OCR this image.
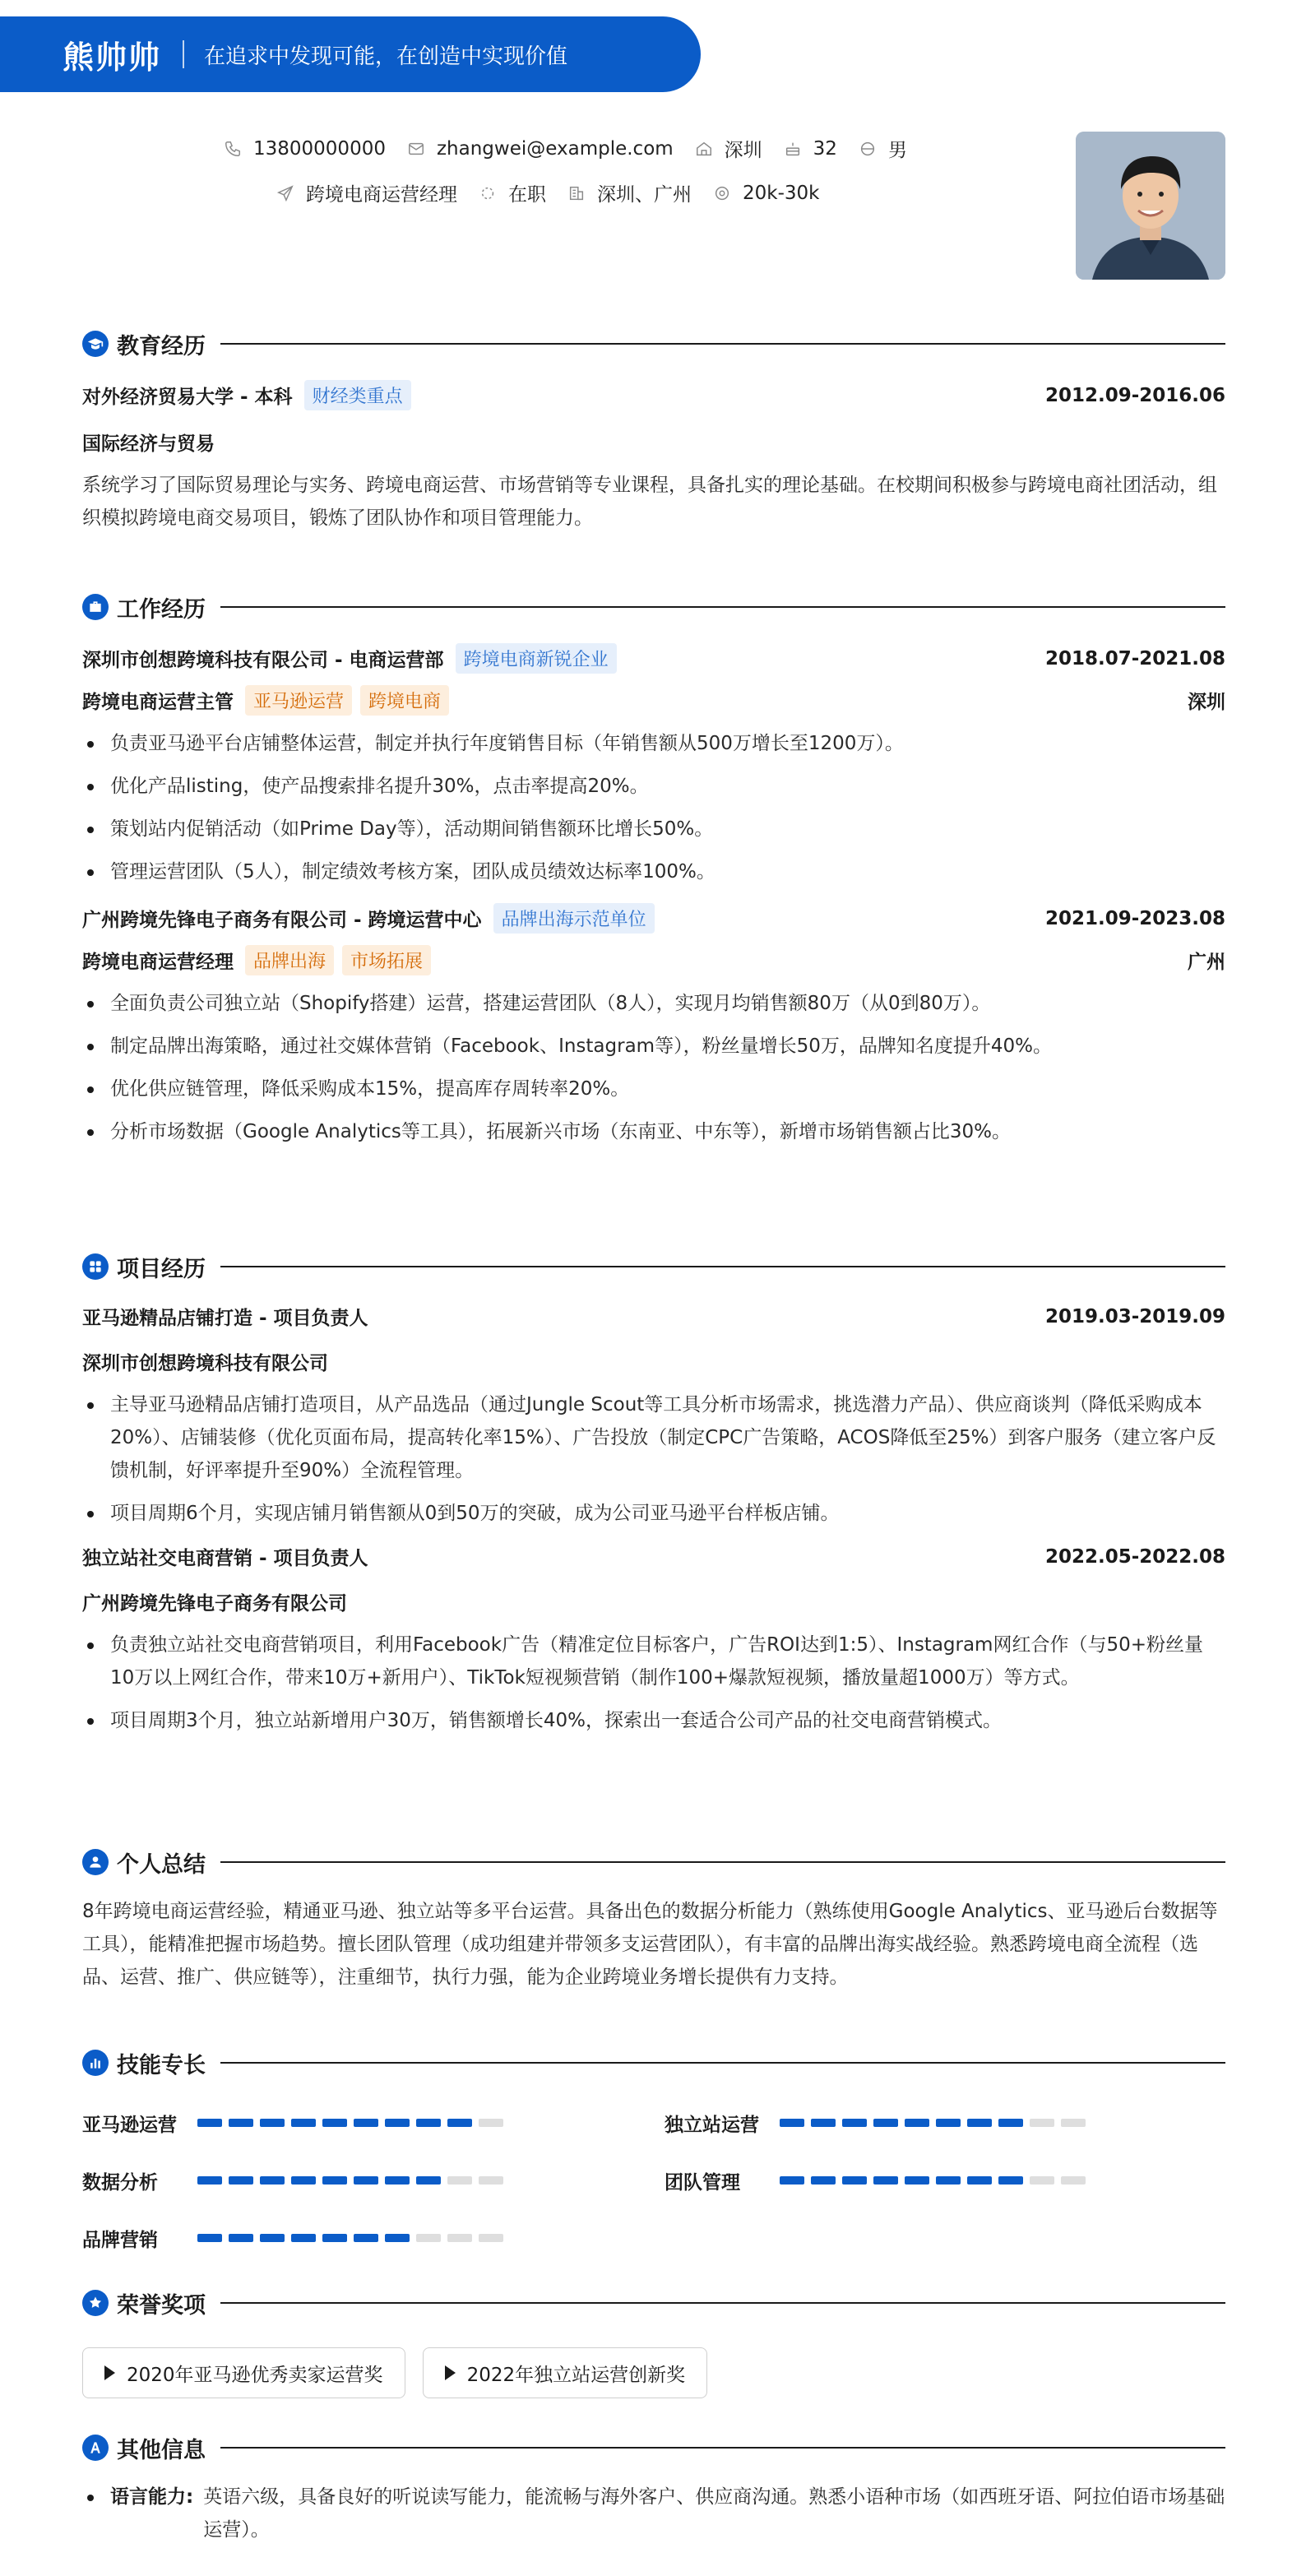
熊帅帅 在追求中发现可能，在创造中实现价值
13800000000	zhangwei@example.com	深圳	32	男
跨境电商运营经理	在职	深圳、广州	20k-30k
教育经历
对外经济贸易大学 - 本科	财经类重点	2012.09-2016.06
国际经济与贸易
系统学习了国际贸易理论与实务、跨境电商运营、市场营销等专业课程，具备扎实的理论基础。在校期间积极参与跨境电商社团活动，组织模拟跨境电商交易项目，锻炼了团队协作和项目管理能力。
工作经历
深圳市创想跨境科技有限公司 - 电商运营部	跨境电商新锐企业	2018.07-2021.08
跨境电商运营主管	亚马逊运营	跨境电商	深圳
负责亚马逊平台店铺整体运营，制定并执行年度销售目标（年销售额从500万增长至1200万）。
优化产品listing，使产品搜索排名提升30%，点击率提高20%。
策划站内促销活动（如Prime Day等），活动期间销售额环比增长50%。
管理运营团队（5人），制定绩效考核方案，团队成员绩效达标率100%。
广州跨境先锋电子商务有限公司 - 跨境运营中心	品牌出海示范单位	2021.09-2023.08
跨境电商运营经理	品牌出海	市场拓展	广州
全面负责公司独立站（Shopify搭建）运营，搭建运营团队（8人），实现月均销售额80万（从0到80万）。
制定品牌出海策略，通过社交媒体营销（Facebook、Instagram等），粉丝量增长50万，品牌知名度提升40%。
优化供应链管理，降低采购成本15%，提高库存周转率20%。
分析市场数据（Google Analytics等工具），拓展新兴市场（东南亚、中东等），新增市场销售额占比30%。
项目经历
亚马逊精品店铺打造 - 项目负责人	2019.03-2019.09
深圳市创想跨境科技有限公司
主导亚马逊精品店铺打造项目，从产品选品（通过Jungle Scout等工具分析市场需求，挑选潜力产品）、供应商谈判（降低采购成本20%）、店铺装修（优化页面布局，提高转化率15%）、广告投放（制定CPC广告策略，ACOS降低至25%）到客户服务（建立客户反馈机制，好评率提升至90%）全流程管理。
项目周期6个月，实现店铺月销售额从0到50万的突破，成为公司亚马逊平台样板店铺。
独立站社交电商营销 - 项目负责人	2022.05-2022.08
广州跨境先锋电子商务有限公司
负责独立站社交电商营销项目，利用Facebook广告（精准定位目标客户，广告ROI达到1:5）、Instagram网红合作（与50+粉丝量10万以上网红合作，带来10万+新用户）、TikTok短视频营销（制作100+爆款短视频，播放量超1000万）等方式。
项目周期3个月，独立站新增用户30万，销售额增长40%，探索出一套适合公司产品的社交电商营销模式。
个人总结
8年跨境电商运营经验，精通亚马逊、独立站等多平台运营。具备出色的数据分析能力（熟练使用Google Analytics、亚马逊后台数据等工具），能精准把握市场趋势。擅长团队管理（成功组建并带领多支运营团队），有丰富的品牌出海实战经验。熟悉跨境电商全流程（选品、运营、推广、供应链等），注重细节，执行力强，能为企业跨境业务增长提供有力支持。
技能专长
亚马逊运营	独立站运营
数据分析	团队管理
品牌营销
荣誉奖项
2020年亚马逊优秀卖家运营奖
	2022年独立站运营创新奖
其他信息
语言能力: 英语六级，具备良好的听说读写能力，能流畅与海外客户、供应商沟通。熟悉小语种市场（如西班牙语、阿拉伯语市场基础运营）。
